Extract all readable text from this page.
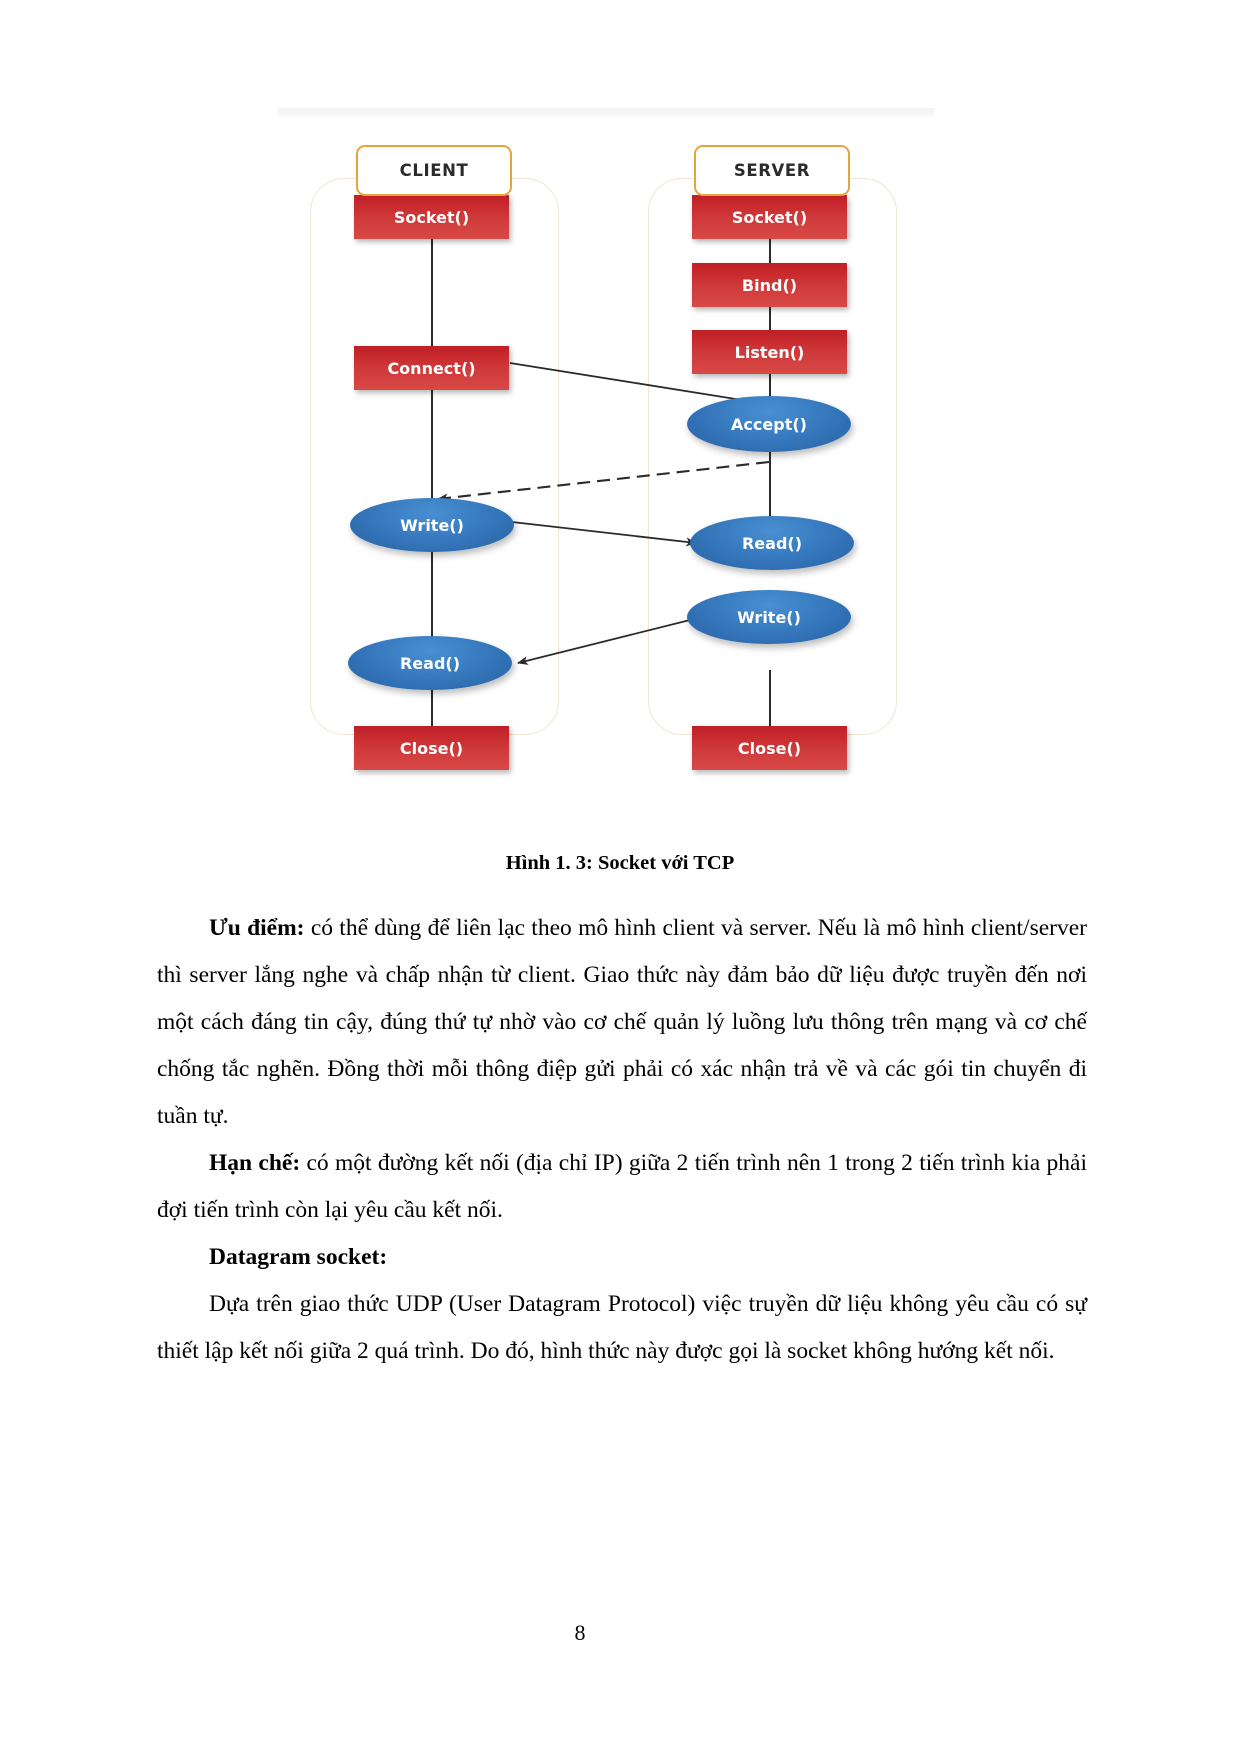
CLIENT	SERVER
Socket()
Connect()
Write()
Read()
Close()
Socket()
Bind()
Listen()
Accept()
Read()
Write()
Close()
Hình 1. 3: Socket với TCP

Ưu điểm: có thể dùng để liên lạc theo mô hình client và server. Nếu là mô hình client/server thì server lắng nghe và chấp nhận từ client. Giao thức này đảm bảo dữ liệu được truyền đến nơi một cách đáng tin cậy, đúng thứ tự nhờ vào cơ chế quản lý luồng lưu thông trên mạng và cơ chế chống tắc nghẽn. Đồng thời mỗi thông điệp gửi phải có xác nhận trả về và các gói tin chuyển đi tuần tự.

Hạn chế: có một đường kết nối (địa chỉ IP) giữa 2 tiến trình nên 1 trong 2 tiến trình kia phải đợi tiến trình còn lại yêu cầu kết nối.

Datagram socket:

Dựa trên giao thức UDP (User Datagram Protocol) việc truyền dữ liệu không yêu cầu có sự thiết lập kết nối giữa 2 quá trình. Do đó, hình thức này được gọi là socket không hướng kết nối.

8
